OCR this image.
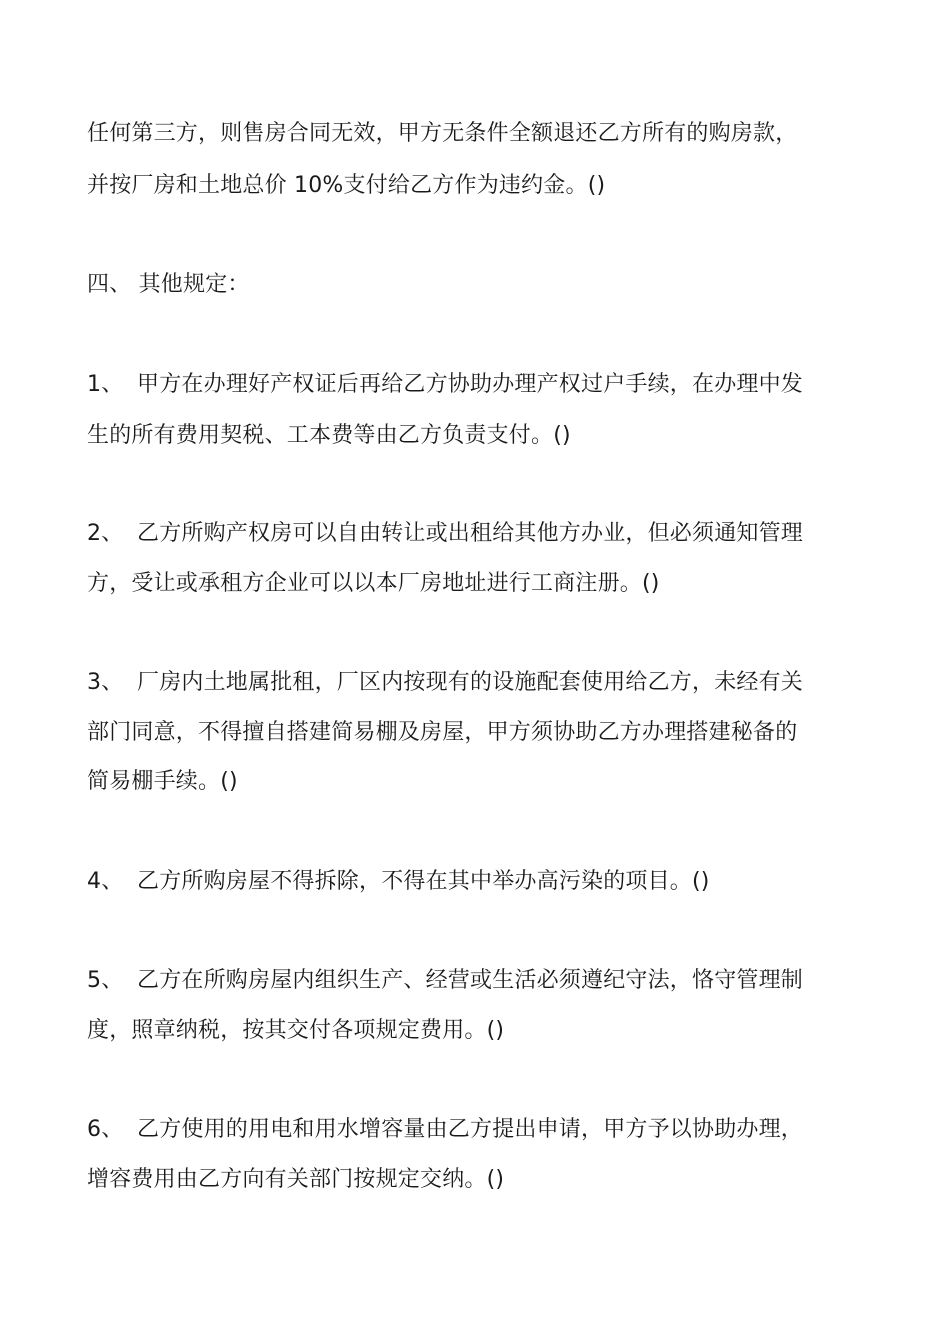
任何第三方，则售房合同无效，甲方无条件全额退还乙方所有的购房款，
并按厂房和土地总价 10%支付给乙方作为违约金。()
四、 其他规定：
1、 甲方在办理好产权证后再给乙方协助办理产权过户手续，在办理中发
生的所有费用契税、工本费等由乙方负责支付。()
2、 乙方所购产权房可以自由转让或出租给其他方办业，但必须通知管理
方，受让或承租方企业可以以本厂房地址进行工商注册。()
3、 厂房内土地属批租，厂区内按现有的设施配套使用给乙方，未经有关
部门同意，不得擅自搭建简易棚及房屋，甲方须协助乙方办理搭建秘备的
简易棚手续。()
4、 乙方所购房屋不得拆除，不得在其中举办高污染的项目。()
5、 乙方在所购房屋内组织生产、经营或生活必须遵纪守法，恪守管理制
度，照章纳税，按其交付各项规定费用。()
6、 乙方使用的用电和用水增容量由乙方提出申请，甲方予以协助办理，
增容费用由乙方向有关部门按规定交纳。()
